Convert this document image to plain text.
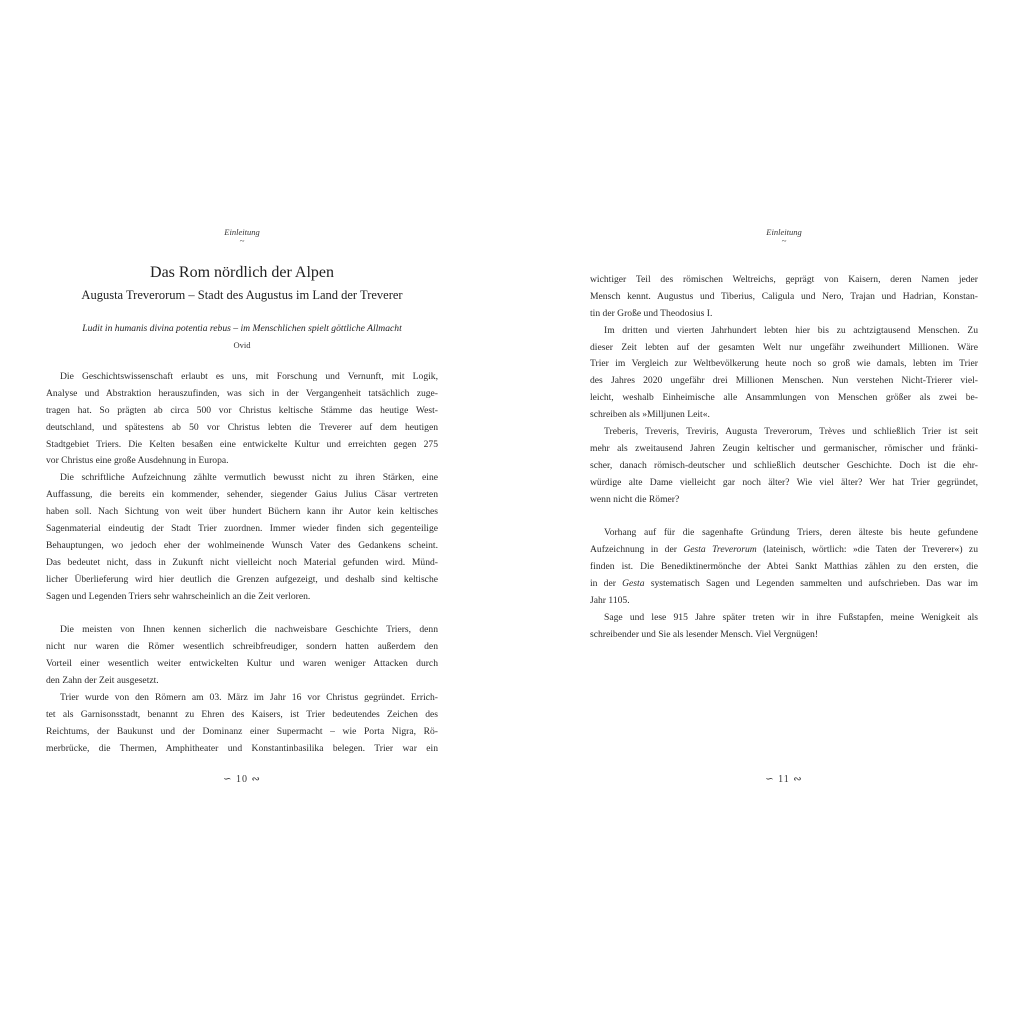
Einleitung
~
Das Rom nördlich der Alpen
Augusta Treverorum – Stadt des Augustus im Land der Treverer
Ludit in humanis divina potentia rebus – im Menschlichen spielt göttliche Allmacht
Ovid
Die Geschichtswissenschaft erlaubt es uns, mit Forschung und Vernunft, mit Logik,
Analyse und Abstraktion herauszufinden, was sich in der Vergangenheit tatsächlich zuge-
tragen hat. So prägten ab circa 500 vor Christus keltische Stämme das heutige West-
deutschland, und spätestens ab 50 vor Christus lebten die Treverer auf dem heutigen
Stadtgebiet Triers. Die Kelten besaßen eine entwickelte Kultur und erreichten gegen 275
vor Christus eine große Ausdehnung in Europa.
Die schriftliche Aufzeichnung zählte vermutlich bewusst nicht zu ihren Stärken, eine
Auffassung, die bereits ein kommender, sehender, siegender Gaius Julius Cäsar vertreten
haben soll. Nach Sichtung von weit über hundert Büchern kann ihr Autor kein keltisches
Sagenmaterial eindeutig der Stadt Trier zuordnen. Immer wieder finden sich gegenteilige
Behauptungen, wo jedoch eher der wohlmeinende Wunsch Vater des Gedankens scheint.
Das bedeutet nicht, dass in Zukunft nicht vielleicht noch Material gefunden wird. Münd-
licher Überlieferung wird hier deutlich die Grenzen aufgezeigt, und deshalb sind keltische
Sagen und Legenden Triers sehr wahrscheinlich an die Zeit verloren.
Die meisten von Ihnen kennen sicherlich die nachweisbare Geschichte Triers, denn
nicht nur waren die Römer wesentlich schreibfreudiger, sondern hatten außerdem den
Vorteil einer wesentlich weiter entwickelten Kultur und waren weniger Attacken durch
den Zahn der Zeit ausgesetzt.
Trier wurde von den Römern am 03. März im Jahr 16 vor Christus gegründet. Errich-
tet als Garnisonsstadt, benannt zu Ehren des Kaisers, ist Trier bedeutendes Zeichen des
Reichtums, der Baukunst und der Dominanz einer Supermacht – wie Porta Nigra, Rö-
merbrücke, die Thermen, Amphitheater und Konstantinbasilika belegen. Trier war ein
∽ 10 ∾
Einleitung
~
wichtiger Teil des römischen Weltreichs, geprägt von Kaisern, deren Namen jeder
Mensch kennt. Augustus und Tiberius, Caligula und Nero, Trajan und Hadrian, Konstan-
tin der Große und Theodosius I.
Im dritten und vierten Jahrhundert lebten hier bis zu achtzigtausend Menschen. Zu
dieser Zeit lebten auf der gesamten Welt nur ungefähr zweihundert Millionen. Wäre
Trier im Vergleich zur Weltbevölkerung heute noch so groß wie damals, lebten im Trier
des Jahres 2020 ungefähr drei Millionen Menschen. Nun verstehen Nicht-Trierer viel-
leicht, weshalb Einheimische alle Ansammlungen von Menschen größer als zwei be-
schreiben als »Milljunen Leit«.
Treberis, Treveris, Treviris, Augusta Treverorum, Trèves und schließlich Trier ist seit
mehr als zweitausend Jahren Zeugin keltischer und germanischer, römischer und fränki-
scher, danach römisch-deutscher und schließlich deutscher Geschichte. Doch ist die ehr-
würdige alte Dame vielleicht gar noch älter? Wie viel älter? Wer hat Trier gegründet,
wenn nicht die Römer?
Vorhang auf für die sagenhafte Gründung Triers, deren älteste bis heute gefundene
Aufzeichnung in der Gesta Treverorum (lateinisch, wörtlich: »die Taten der Treverer«) zu
finden ist. Die Benediktinermönche der Abtei Sankt Matthias zählen zu den ersten, die
in der Gesta systematisch Sagen und Legenden sammelten und aufschrieben. Das war im
Jahr 1105.
Sage und lese 915 Jahre später treten wir in ihre Fußstapfen, meine Wenigkeit als
schreibender und Sie als lesender Mensch. Viel Vergnügen!
∽ 11 ∾
